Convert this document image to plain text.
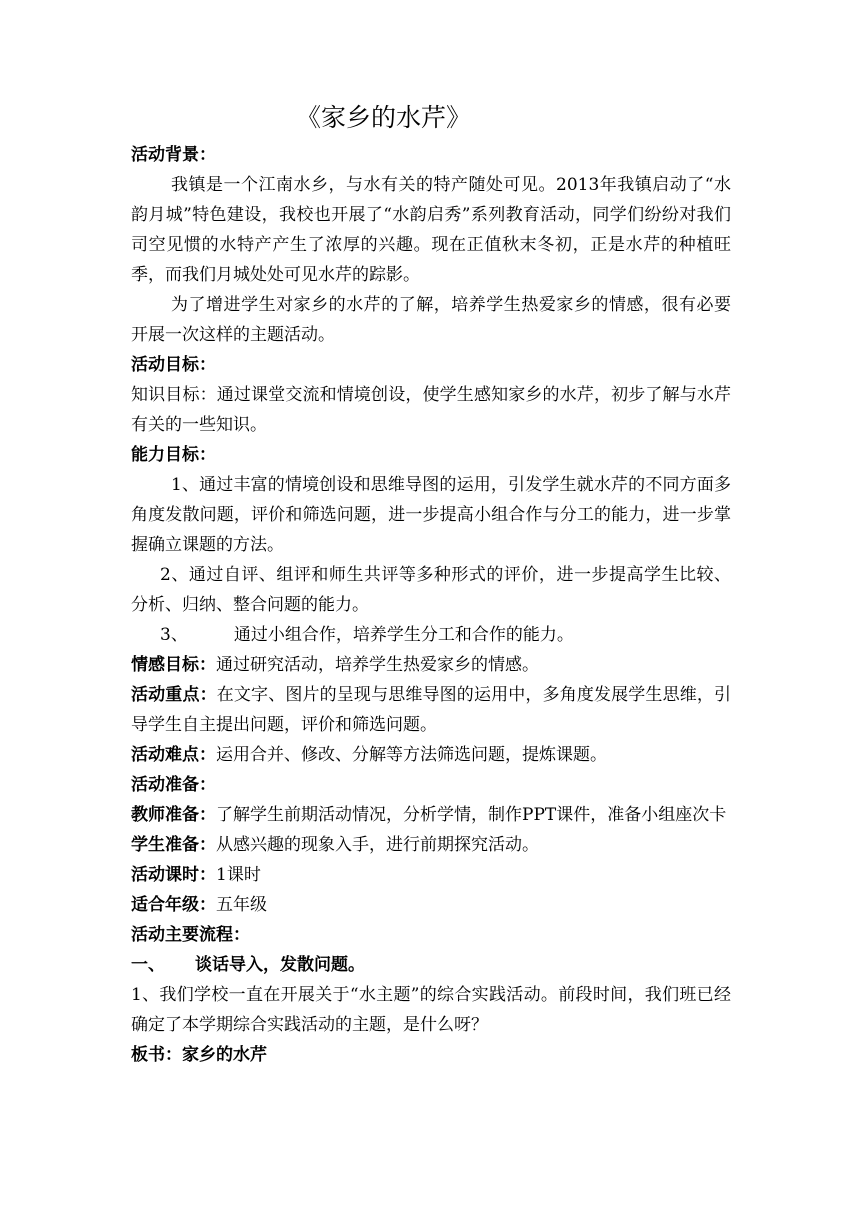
《家乡的水芹》

活动背景：

我镇是一个江南水乡，与水有关的特产随处可见。2013年我镇启动了“水韵月城”特色建设，我校也开展了“水韵启秀”系列教育活动，同学们纷纷对我们司空见惯的水特产产生了浓厚的兴趣。现在正值秋末冬初，正是水芹的种植旺季，而我们月城处处可见水芹的踪影。

为了增进学生对家乡的水芹的了解，培养学生热爱家乡的情感，很有必要开展一次这样的主题活动。

活动目标：

知识目标：通过课堂交流和情境创设，使学生感知家乡的水芹，初步了解与水芹有关的一些知识。

能力目标：

1、通过丰富的情境创设和思维导图的运用，引发学生就水芹的不同方面多角度发散问题，评价和筛选问题，进一步提高小组合作与分工的能力，进一步掌握确立课题的方法。

2、通过自评、组评和师生共评等多种形式的评价，进一步提高学生比较、分析、归纳、整合问题的能力。

3、	通过小组合作，培养学生分工和合作的能力。

情感目标：通过研究活动，培养学生热爱家乡的情感。

活动重点：在文字、图片的呈现与思维导图的运用中，多角度发展学生思维，引导学生自主提出问题，评价和筛选问题。

活动难点：运用合并、修改、分解等方法筛选问题，提炼课题。

活动准备：

教师准备：了解学生前期活动情况，分析学情，制作PPT课件，准备小组座次卡

学生准备：从感兴趣的现象入手，进行前期探究活动。

活动课时：1课时

适合年级：五年级

活动主要流程：

一、 谈话导入，发散问题。

1、我们学校一直在开展关于“水主题”的综合实践活动。前段时间，我们班已经确定了本学期综合实践活动的主题，是什么呀？

板书：家乡的水芹
